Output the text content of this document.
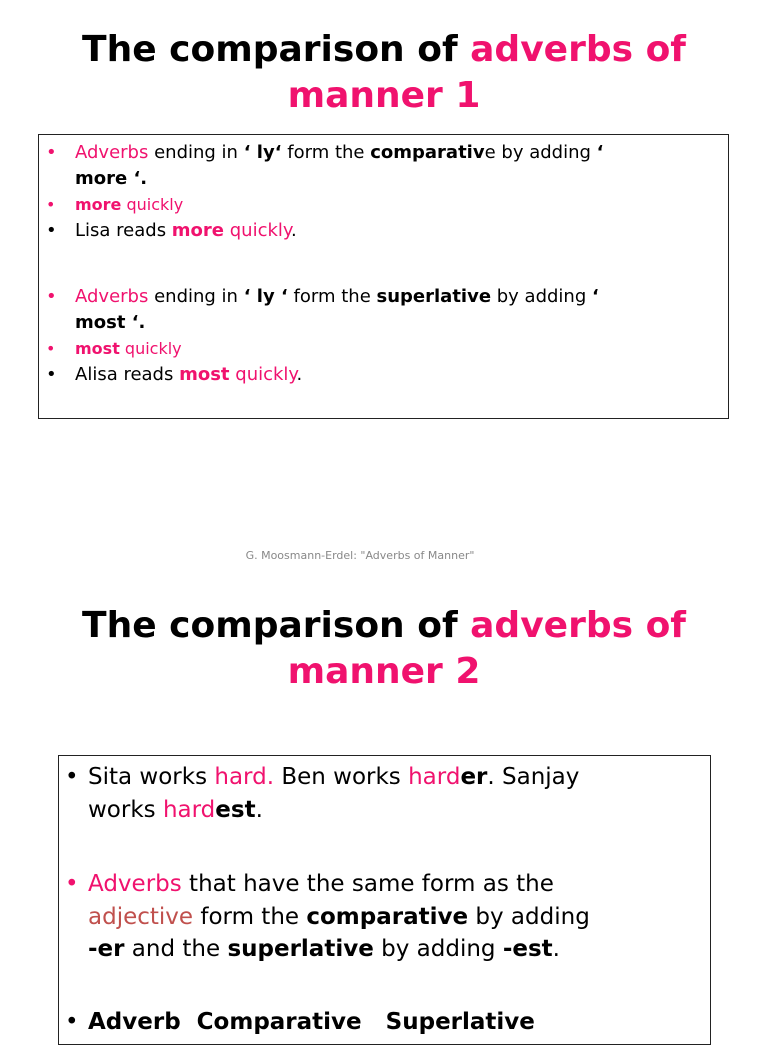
The comparison of adverbs of
manner 1
• Adverbs ending in ‘ ly‘ form the comparative by adding ‘
more ‘.
• more quickly
• Lisa reads more quickly.
• Adverbs ending in ‘ ly ‘ form the superlative by adding ‘
most ‘.
• most quickly
• Alisa reads most quickly.
G. Moosmann-Erdel: "Adverbs of Manner"
The comparison of adverbs of
manner 2
• Sita works hard. Ben works harder. Sanjay
works hardest.
• Adverbs that have the same form as the
adjective form the comparative by adding
-er and the superlative by adding -est.
• Adverb  Comparative   Superlative
